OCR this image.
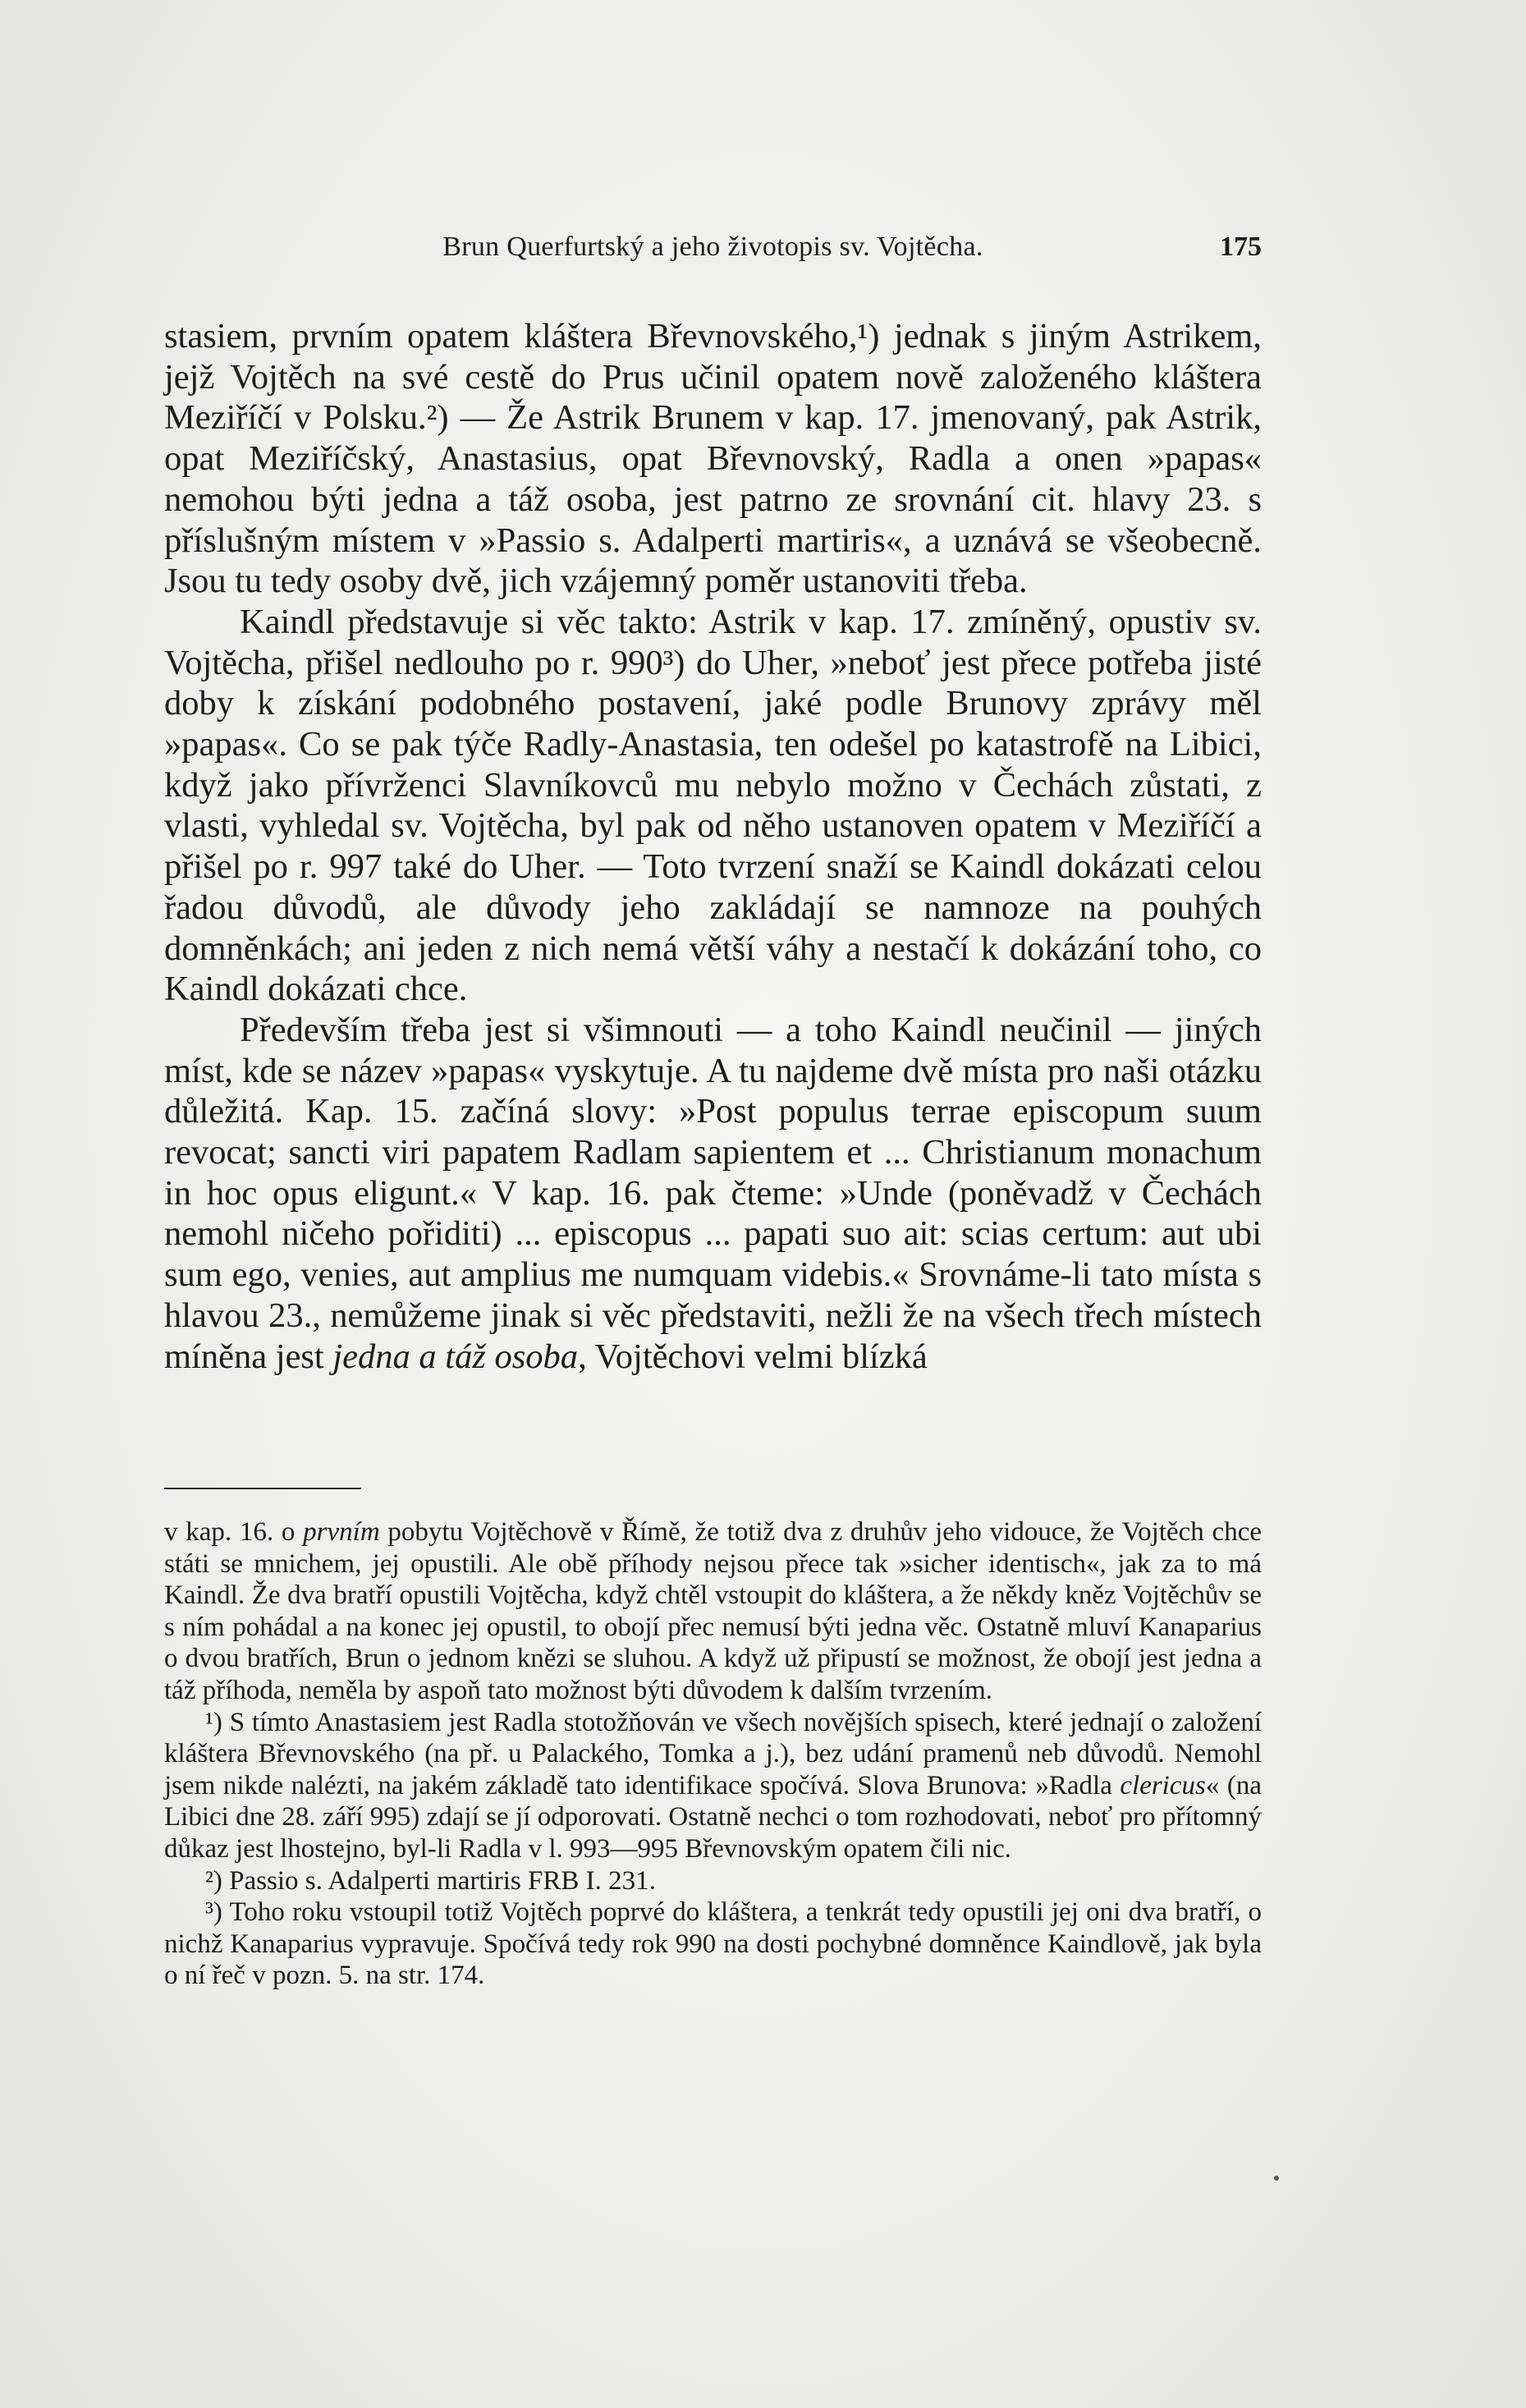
Brun Querfurtský a jeho životopis sv. Vojtěcha.	175

stasiem, prvním opatem kláštera Břevnovského,¹) jednak s jiným Astrikem, jejž Vojtěch na své cestě do Prus učinil opatem nově založeného kláštera Meziříčí v Polsku.²) — Že Astrik Brunem v kap. 17. jmenovaný, pak Astrik, opat Meziříčský, Anastasius, opat Břevnovský, Radla a onen »papas« nemohou býti jedna a táž osoba, jest patrno ze srovnání cit. hlavy 23. s příslušným místem v »Passio s. Adalperti martiris«, a uznává se všeobecně. Jsou tu tedy osoby dvě, jich vzájemný poměr ustanoviti třeba.

Kaindl představuje si věc takto: Astrik v kap. 17. zmíněný, opustiv sv. Vojtěcha, přišel nedlouho po r. 990³) do Uher, »neboť jest přece potřeba jisté doby k získání podobného postavení, jaké podle Brunovy zprávy měl »papas«. Co se pak týče Radly-Anastasia, ten odešel po katastrofě na Libici, když jako přívrženci Slavníkovců mu nebylo možno v Čechách zůstati, z vlasti, vyhledal sv. Vojtěcha, byl pak od něho ustanoven opatem v Meziříčí a přišel po r. 997 také do Uher. — Toto tvrzení snaží se Kaindl dokázati celou řadou důvodů, ale důvody jeho zakládají se namnoze na pouhých domněnkách; ani jeden z nich nemá větší váhy a nestačí k dokázání toho, co Kaindl dokázati chce.

Především třeba jest si všimnouti — a toho Kaindl neučinil — jiných míst, kde se název »papas« vyskytuje. A tu najdeme dvě místa pro naši otázku důležitá. Kap. 15. začíná slovy: »Post populus terrae episcopum suum revocat; sancti viri papatem Radlam sapientem et ... Christianum monachum in hoc opus eligunt.« V kap. 16. pak čteme: »Unde (poněvadž v Čechách nemohl ničeho pořiditi) ... episcopus ... papati suo ait: scias certum: aut ubi sum ego, venies, aut amplius me numquam videbis.« Srovnáme-li tato místa s hlavou 23., nemůžeme jinak si věc představiti, nežli že na všech třech místech míněna jest jedna a táž osoba, Vojtěchovi velmi blízká

v kap. 16. o prvním pobytu Vojtěchově v Římě, že totiž dva z druhův jeho vidouce, že Vojtěch chce státi se mnichem, jej opustili. Ale obě příhody nejsou přece tak »sicher identisch«, jak za to má Kaindl. Že dva bratří opustili Vojtěcha, když chtěl vstoupit do kláštera, a že někdy kněz Vojtěchův se s ním pohádal a na konec jej opustil, to obojí přec nemusí býti jedna věc. Ostatně mluví Kanaparius o dvou bratřích, Brun o jednom knězi se sluhou. A když už připustí se možnost, že obojí jest jedna a táž příhoda, neměla by aspoň tato možnost býti důvodem k dalším tvrzením.

¹) S tímto Anastasiem jest Radla stotožňován ve všech novějších spisech, které jednají o založení kláštera Břevnovského (na př. u Palackého, Tomka a j.), bez udání pramenů neb důvodů. Nemohl jsem nikde nalézti, na jakém základě tato identifikace spočívá. Slova Brunova: »Radla clericus« (na Libici dne 28. září 995) zdají se jí odporovati. Ostatně nechci o tom rozhodovati, neboť pro přítomný důkaz jest lhostejno, byl-li Radla v l. 993—995 Břevnovským opatem čili nic.

²) Passio s. Adalperti martiris FRB I. 231.

³) Toho roku vstoupil totiž Vojtěch poprvé do kláštera, a tenkrát tedy opustili jej oni dva bratří, o nichž Kanaparius vypravuje. Spočívá tedy rok 990 na dosti pochybné domněnce Kaindlově, jak byla o ní řeč v pozn. 5. na str. 174.
